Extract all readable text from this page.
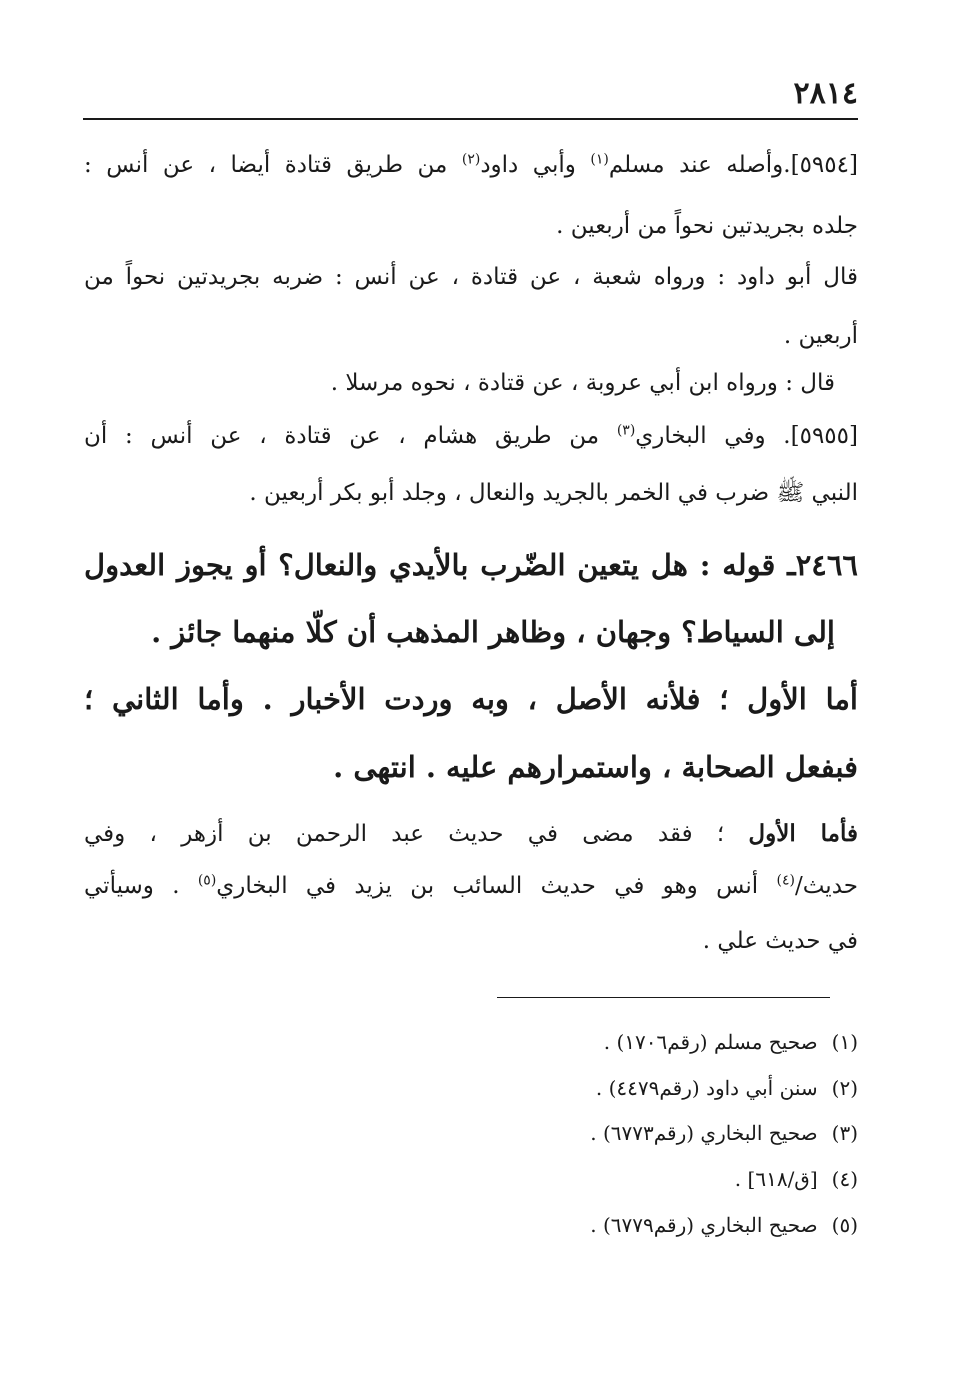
٢٨١٤
[٥٩٥٤].وأصله عند مسلم$^{(١)}$ وأبي داود$^{(٢)}$ من طريق قتادة أيضا ، عن أنس :
جلده بجريدتين نحواً من أربعين .
قال أبو داود : ورواه شعبة ، عن قتادة ، عن أنس : ضربه بجريدتين نحواً من
أربعين .
قال : ورواه ابن أبي عروبة ، عن قتادة ، نحوه مرسلا .
[٥٩٥٥]. وفي البخاري$^{(٣)}$ من طريق هشام ، عن قتادة ، عن أنس : أن
النبي ﷺ ضرب في الخمر بالجريد والنعال ، وجلد أبو بكر أربعين .
٢٤٦٦ـ قوله : هل يتعين الضّرب بالأيدي والنعال؟ أو يجوز العدول
إلى السياط؟ وجهان ، وظاهر المذهب أن كلّا منهما جائز .
أما الأول ؛ فلأنه الأصل ، وبه وردت الأخبار . وأما الثاني ؛
فبفعل الصحابة ، واستمرارهم عليه . انتهى .
فأما الأول ؛ فقد مضى في حديث عبد الرحمن بن أزهر ، وفي
حديث/$^{(٤)}$ أنس وهو في حديث السائب بن يزيد في البخاري$^{(٥)}$ . وسيأتي
في حديث علي .
(١)صحيح مسلم (رقم١٧٠٦) .
(٢)سنن أبي داود (رقم٤٤٧٩) .
(٣)صحيح البخاري (رقم٦٧٧٣) .
(٤)[ق/٦١٨] .
(٥)صحيح البخاري (رقم٦٧٧٩) .
